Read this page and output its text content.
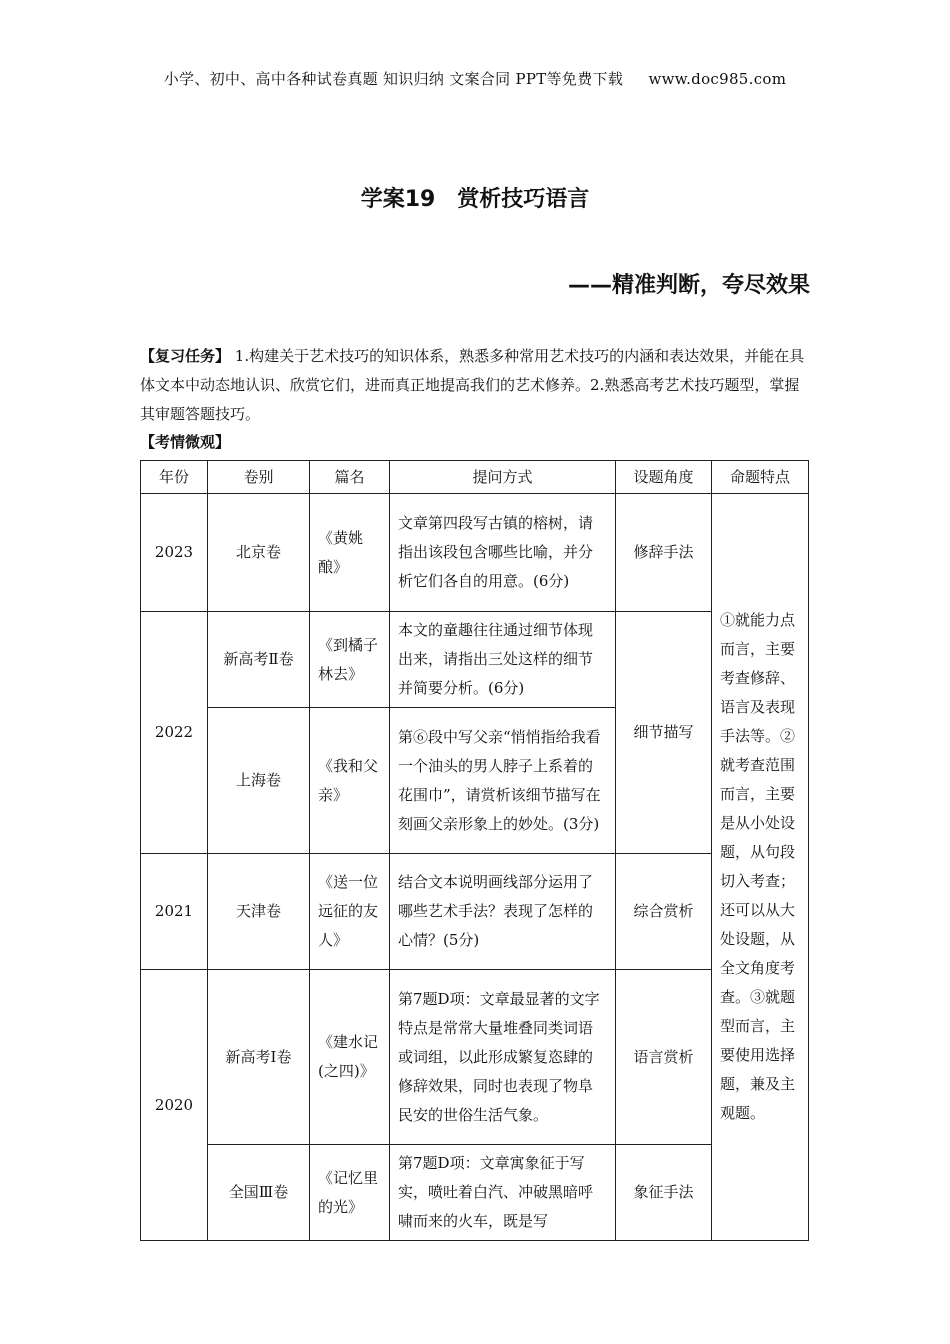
小学、初中、高中各种试卷真题 知识归纳 文案合同 PPT等免费下载 www.doc985.com
学案19　赏析技巧语言
——精准判断，夸尽效果
【复习任务】 1.构建关于艺术技巧的知识体系，熟悉多种常用艺术技巧的内涵和表达效果，并能在具体文本中动态地认识、欣赏它们，进而真正地提高我们的艺术修养。2.熟悉高考艺术技巧题型，掌握其审题答题技巧。
【考情微观】
年份	卷别	篇名	提问方式	设题角度	命题特点
2023	北京卷	《黄姚酿》	文章第四段写古镇的榕树，请指出该段包含哪些比喻，并分析它们各自的用意。(6分)	修辞手法	①就能力点而言，主要考查修辞、语言及表现手法等。②就考查范围而言，主要是从小处设题，从句段切入考查；还可以从大处设题，从全文角度考查。③就题型而言，主要使用选择题，兼及主观题。
2022	新高考Ⅱ卷	《到橘子林去》	本文的童趣往往通过细节体现出来，请指出三处这样的细节并简要分析。(6分)	细节描写	
	上海卷	《我和父亲》	第⑥段中写父亲“悄悄指给我看一个油头的男人脖子上系着的花围巾”，请赏析该细节描写在刻画父亲形象上的妙处。(3分)		
2021	天津卷	《送一位远征的友人》	结合文本说明画线部分运用了哪些艺术手法？表现了怎样的心情？(5分)	综合赏析	
2020	新高考Ⅰ卷	《建水记(之四)》	第7题D项：文章最显著的文字特点是常常大量堆叠同类词语或词组，以此形成繁复恣肆的修辞效果，同时也表现了物阜民安的世俗生活气象。	语言赏析	
	全国Ⅲ卷	《记忆里的光》	第7题D项：文章寓象征于写实，喷吐着白汽、冲破黑暗呼啸而来的火车，既是写	象征手法	
